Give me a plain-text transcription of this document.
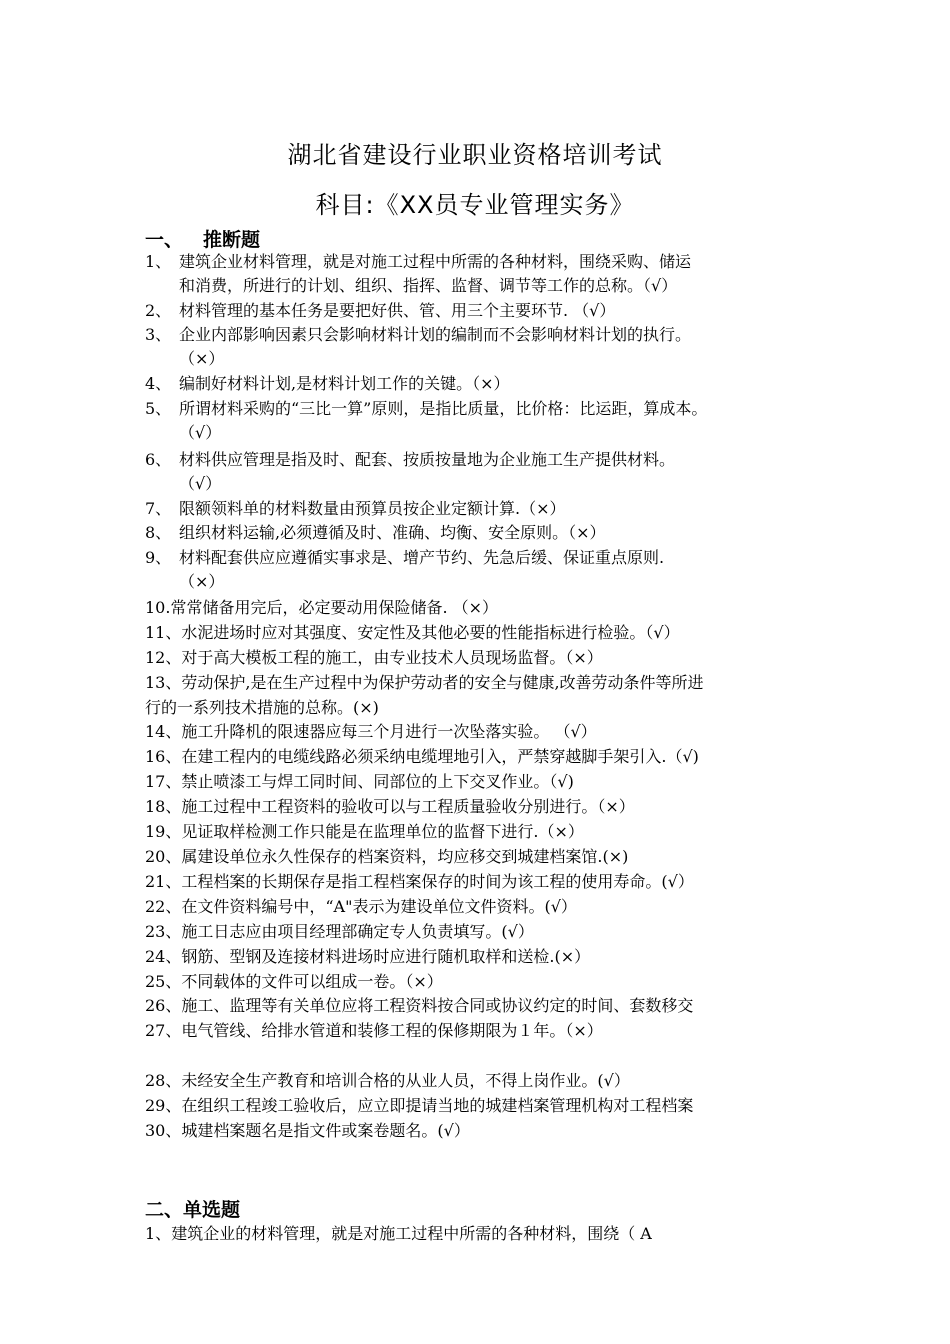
湖北省建设行业职业资格培训考试
科目:《XX员专业管理实务》
一、 推断题
1、 建筑企业材料管理，就是对施工过程中所需的各种材料，围绕采购、储运
和消费，所进行的计划、组织、指挥、监督、调节等工作的总称。（√）
2、 材料管理的基本任务是要把好供、管、用三个主要环节. （√）
3、 企业内部影响因素只会影响材料计划的编制而不会影响材料计划的执行。
（×）
4、 编制好材料计划,是材料计划工作的关键。（×）
5、 所谓材料采购的“三比一算”原则，是指比质量，比价格：比运距，算成本。
（√）
6、 材料供应管理是指及时、配套、按质按量地为企业施工生产提供材料。
（√）
7、 限额领料单的材料数量由预算员按企业定额计算.（×）
8、 组织材料运输,必须遵循及时、准确、均衡、安全原则。（×）
9、 材料配套供应应遵循实事求是、增产节约、先急后缓、保证重点原则.
（×）
10.常常储备用完后，必定要动用保险储备. （×）
11、水泥进场时应对其强度、安定性及其他必要的性能指标进行检验。（√）
12、对于高大模板工程的施工，由专业技术人员现场监督。（×）
13、劳动保护,是在生产过程中为保护劳动者的安全与健康,改善劳动条件等所进
行的一系列技术措施的总称。(×)
14、施工升降机的限速器应每三个月进行一次坠落实验。 （√）
16、在建工程内的电缆线路必须采纳电缆埋地引入，严禁穿越脚手架引入.（√)
17、禁止喷漆工与焊工同时间、同部位的上下交叉作业。（√)
18、施工过程中工程资料的验收可以与工程质量验收分别进行。（×）
19、见证取样检测工作只能是在监理单位的监督下进行.（×）
20、属建设单位永久性保存的档案资料，均应移交到城建档案馆.(×)
21、工程档案的长期保存是指工程档案保存的时间为该工程的使用寿命。(√）
22、在文件资料编号中，“A"表示为建设单位文件资料。(√）
23、施工日志应由项目经理部确定专人负责填写。(√）
24、钢筋、型钢及连接材料进场时应进行随机取样和送检.(×）
25、不同载体的文件可以组成一卷。（×）
26、施工、监理等有关单位应将工程资料按合同或协议约定的时间、套数移交
27、电气管线、给排水管道和装修工程的保修期限为１年。（×）
28、未经安全生产教育和培训合格的从业人员，不得上岗作业。(√）
29、在组织工程竣工验收后，应立即提请当地的城建档案管理机构对工程档案
30、城建档案题名是指文件或案卷题名。(√）
二、单选题
1、建筑企业的材料管理，就是对施工过程中所需的各种材料，围绕（ A
